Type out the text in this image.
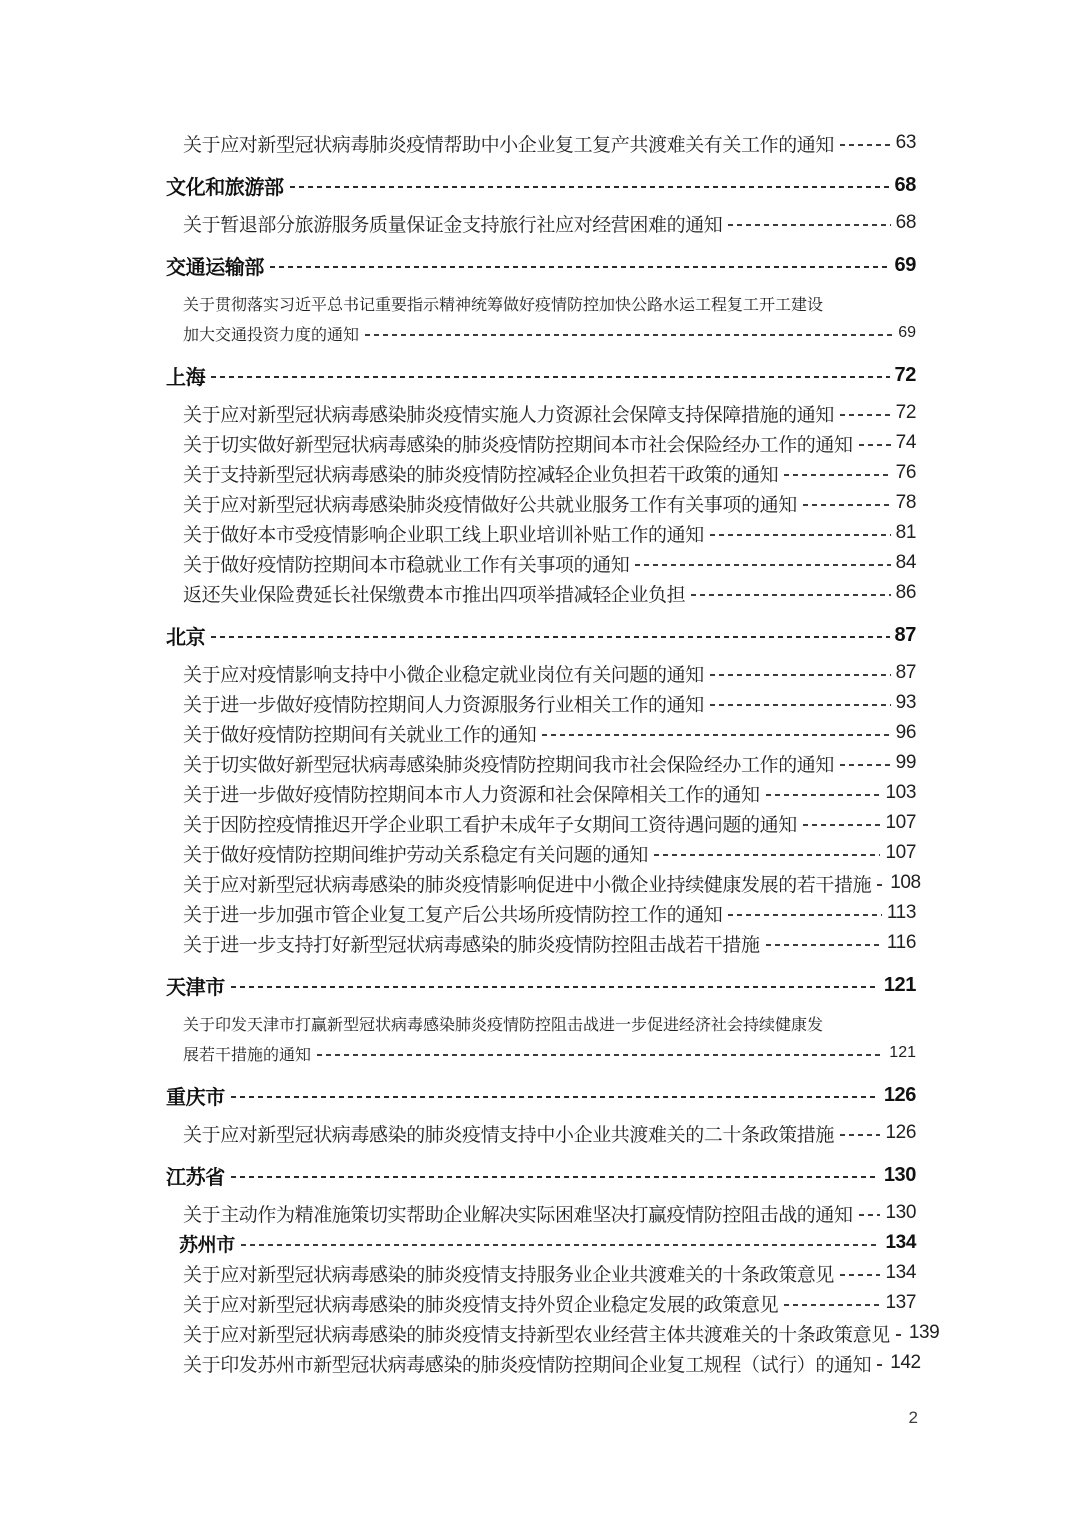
关于应对新型冠状病毒肺炎疫情帮助中小企业复工复产共渡难关有关工作的通知	63
文化和旅游部	68
关于暂退部分旅游服务质量保证金支持旅行社应对经营困难的通知	68
交通运输部	69
关于贯彻落实习近平总书记重要指示精神统筹做好疫情防控加快公路水运工程复工开工建设
加大交通投资力度的通知	69
上海	72
关于应对新型冠状病毒感染肺炎疫情实施人力资源社会保障支持保障措施的通知	72
关于切实做好新型冠状病毒感染的肺炎疫情防控期间本市社会保险经办工作的通知 74
关于支持新型冠状病毒感染的肺炎疫情防控减轻企业负担若干政策的通知	76
关于应对新型冠状病毒感染肺炎疫情做好公共就业服务工作有关事项的通知	78
关于做好本市受疫情影响企业职工线上职业培训补贴工作的通知	81
关于做好疫情防控期间本市稳就业工作有关事项的通知	84
返还失业保险费延长社保缴费本市推出四项举措减轻企业负担	86
北京	87
关于应对疫情影响支持中小微企业稳定就业岗位有关问题的通知	87
关于进一步做好疫情防控期间人力资源服务行业相关工作的通知	93
关于做好疫情防控期间有关就业工作的通知	96
关于切实做好新型冠状病毒感染肺炎疫情防控期间我市社会保险经办工作的通知	99
关于进一步做好疫情防控期间本市人力资源和社会保障相关工作的通知	103
关于因防控疫情推迟开学企业职工看护未成年子女期间工资待遇问题的通知	107
关于做好疫情防控期间维护劳动关系稳定有关问题的通知	107
关于应对新型冠状病毒感染的肺炎疫情影响促进中小微企业持续健康发展的若干措施 108
关于进一步加强市管企业复工复产后公共场所疫情防控工作的通知	113
关于进一步支持打好新型冠状病毒感染的肺炎疫情防控阻击战若干措施	116
天津市	121
关于印发天津市打赢新型冠状病毒感染肺炎疫情防控阻击战进一步促进经济社会持续健康发
展若干措施的通知	121
重庆市	126
关于应对新型冠状病毒感染的肺炎疫情支持中小企业共渡难关的二十条政策措施	126
江苏省	130
关于主动作为精准施策切实帮助企业解决实际困难坚决打赢疫情防控阻击战的通知 130
苏州市	134
关于应对新型冠状病毒感染的肺炎疫情支持服务业企业共渡难关的十条政策意见	134
关于应对新型冠状病毒感染的肺炎疫情支持外贸企业稳定发展的政策意见	137
关于应对新型冠状病毒感染的肺炎疫情支持新型农业经营主体共渡难关的十条政策意见 139
关于印发苏州市新型冠状病毒感染的肺炎疫情防控期间企业复工规程（试行）的通知 142
2
